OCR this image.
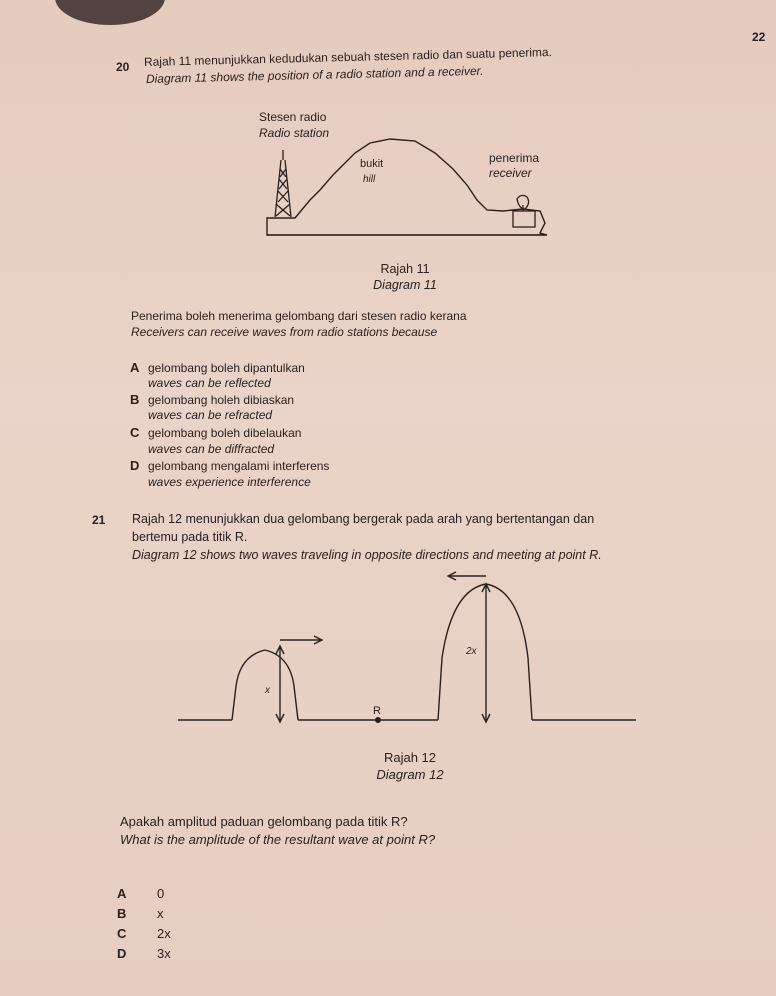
22
20 Rajah 11 menunjukkan kedudukan sebuah stesen radio dan suatu penerima.
Diagram 11 shows the position of a radio station and a receiver.
Stesen radio
Radio station
bukit
hill
penerima
receiver
Rajah 11
Diagram 11
Penerima boleh menerima gelombang dari stesen radio kerana
Receivers can receive waves from radio stations because
A gelombang boleh dipantulkan
waves can be reflected
B gelombang holeh dibiaskan
waves can be refracted
C gelombang boleh dibelaukan
waves can be diffracted
D gelombang mengalami interferens
waves experience interference
21 Rajah 12 menunjukkan dua gelombang bergerak pada arah yang bertentangan dan
bertemu pada titik R.
Diagram 12 shows two waves traveling in opposite directions and meeting at point R.
R
x
2x
Rajah 12
Diagram 12
Apakah amplitud paduan gelombang pada titik R?
What is the amplitude of the resultant wave at point R?
A 0
B x
C 2x
D 3x
